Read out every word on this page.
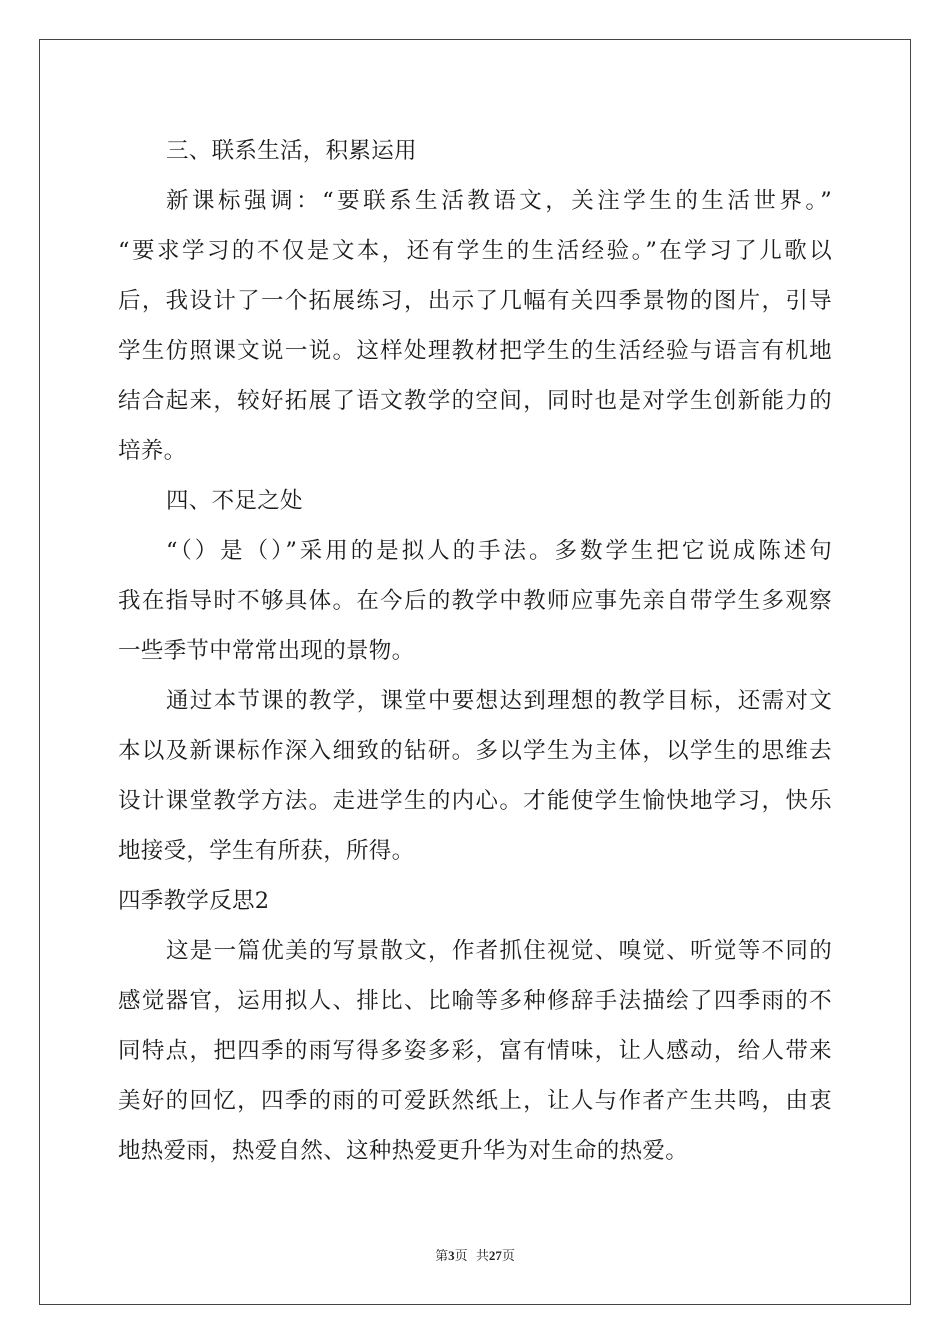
三、联系生活，积累运用
新课标强调：“要联系生活教语文，关注学生的生活世界。”
“要求学习的不仅是文本，还有学生的生活经验。”在学习了儿歌以
后，我设计了一个拓展练习，出示了几幅有关四季景物的图片，引导
学生仿照课文说一说。这样处理教材把学生的生活经验与语言有机地
结合起来，较好拓展了语文教学的空间，同时也是对学生创新能力的
培养。
四、不足之处
“（）是（）”采用的是拟人的手法。多数学生把它说成陈述句
我在指导时不够具体。在今后的教学中教师应事先亲自带学生多观察
一些季节中常常出现的景物。
通过本节课的教学，课堂中要想达到理想的教学目标，还需对文
本以及新课标作深入细致的钻研。多以学生为主体，以学生的思维去
设计课堂教学方法。走进学生的内心。才能使学生愉快地学习，快乐
地接受，学生有所获，所得。
四季教学反思2
这是一篇优美的写景散文，作者抓住视觉、嗅觉、听觉等不同的
感觉器官，运用拟人、排比、比喻等多种修辞手法描绘了四季雨的不
同特点，把四季的雨写得多姿多彩，富有情味，让人感动，给人带来
美好的回忆，四季的雨的可爱跃然纸上，让人与作者产生共鸣，由衷
地热爱雨，热爱自然、这种热爱更升华为对生命的热爱。
第3页  共27页
